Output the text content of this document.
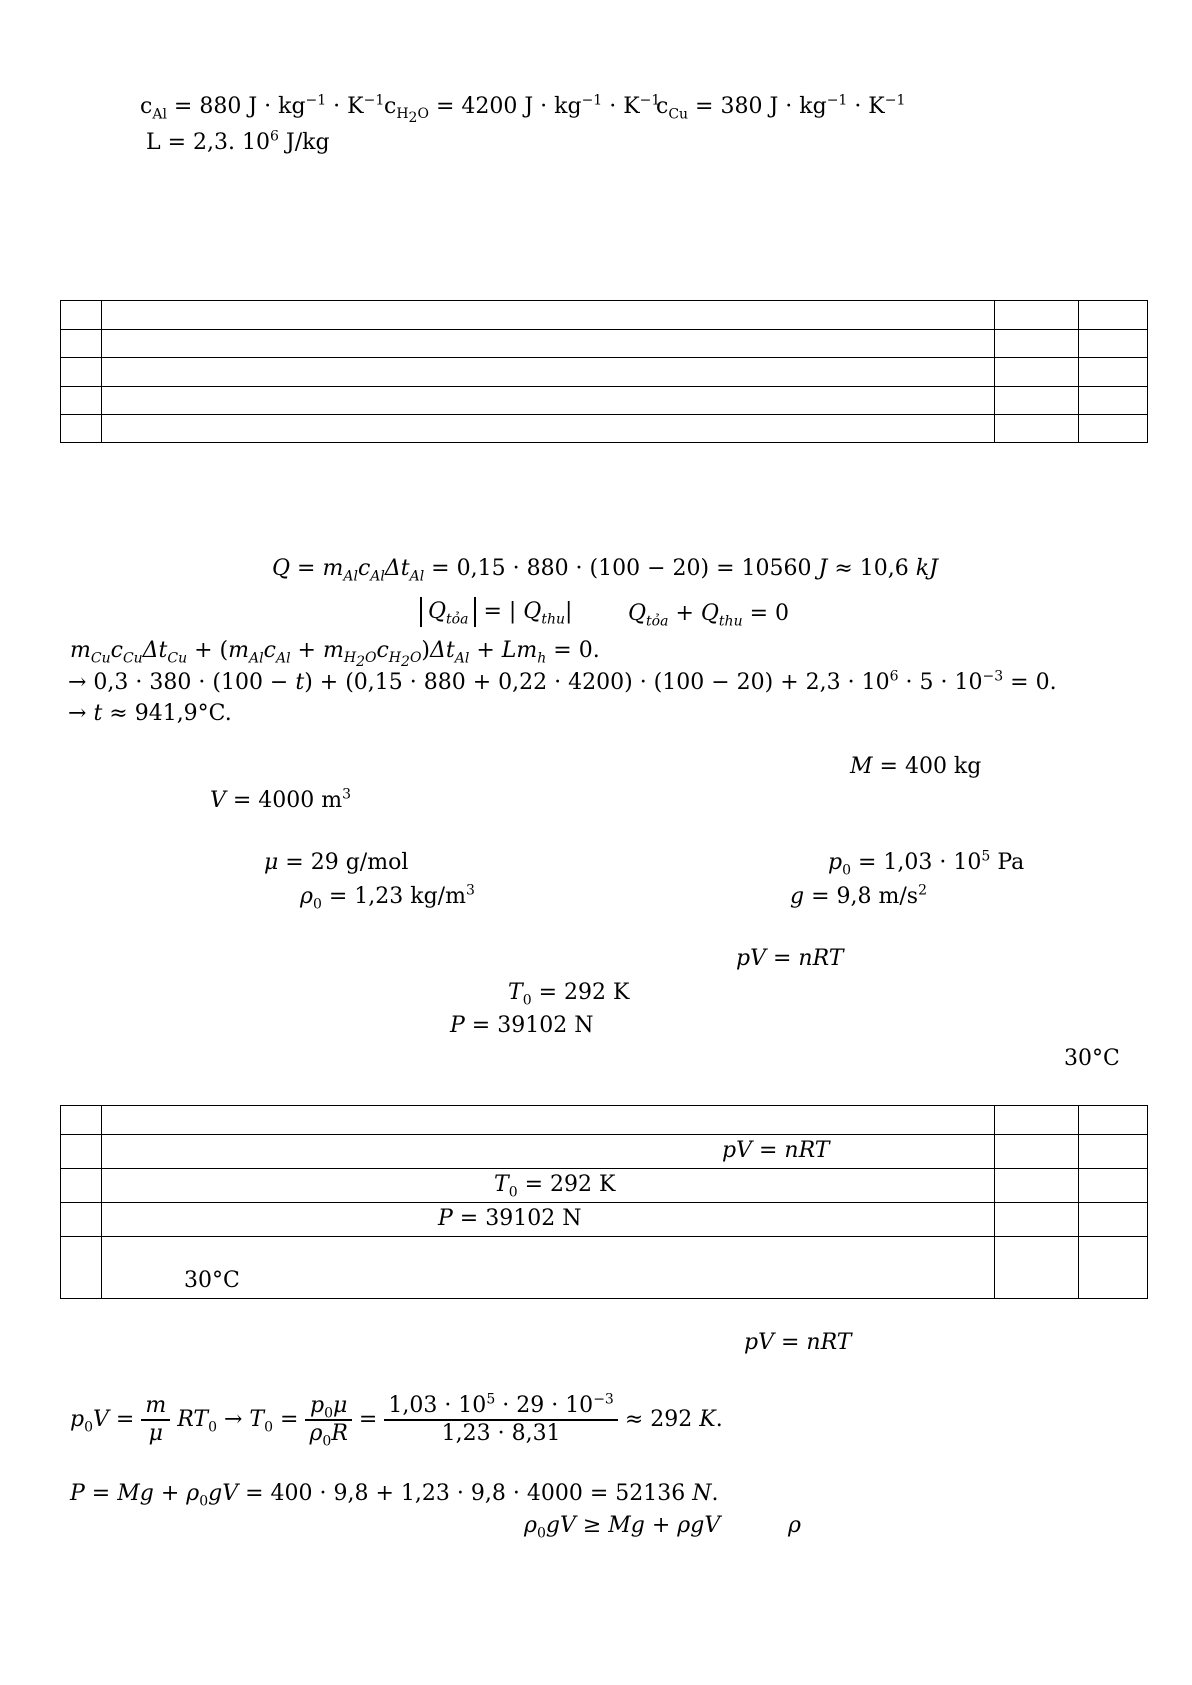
$c_{Al} = 880$ $J \cdot kg^{-1} \cdot K^{-1}$ $c_{H_2O} = 4200$ $J \cdot kg^{-1} \cdot K^{-1}$
$c_{Cu} = 380$ $J \cdot kg^{-1} \cdot K^{-1}$
L = 2,3. $10^6$ J/kg

$Q = m_{Al}c_{Al}\Delta t_{Al} = 0,15 \cdot 880 \cdot (100 - 20) = 10560$ J ≈ 10,6 kJ
$Q_{tỏa}$ = | $Q_{thu}|$	$Q_{tỏa} + Q_{thu} = 0$
$m_{Cu}c_{Cu}\Delta t_{Cu} + (m_{Al}c_{Al} + m_{H_2O}c_{H_2O})\Delta t_{Al} + Lm_h = 0$.
→ $0,3 \cdot 380 \cdot (100 - t) + (0,15 \cdot 880 + 0,22 \cdot 4200) \cdot (100 - 20) + 2,3 \cdot 10^6 \cdot 5 \cdot 10^{-3} = 0$.
→ t ≈ 941,9°C.
M = 400 kg
V = 4000 $m^3$
μ = 29 g/mol	$p_0 = 1,03 \cdot 10^5$ Pa
$\rho_0 = 1,23$ $kg/m^3$	g = 9,8 $m/s^2$
pV = nRT
$T_0 = 292$ K
P = 39102 N
30°C

	pV = nRT		

	$T_0 = 292$ K		

	P = 39102 N		

	30°C		

pV = nRT
$p_0V = \frac{m}{\mu} RT_0 \to T_0 = \frac{p_0\mu}{\rho_0R} = \frac{1,03 \cdot 10^5 \cdot 29 \cdot 10^{-3}}{1,23 \cdot 8,31} \approx 292$ K.
$P = Mg + \rho_0gV = 400 \cdot 9,8 + 1,23 \cdot 9,8 \cdot 4000 = 52136$ N.
$\rho_0gV \ge Mg + \rho gV$	ρ
